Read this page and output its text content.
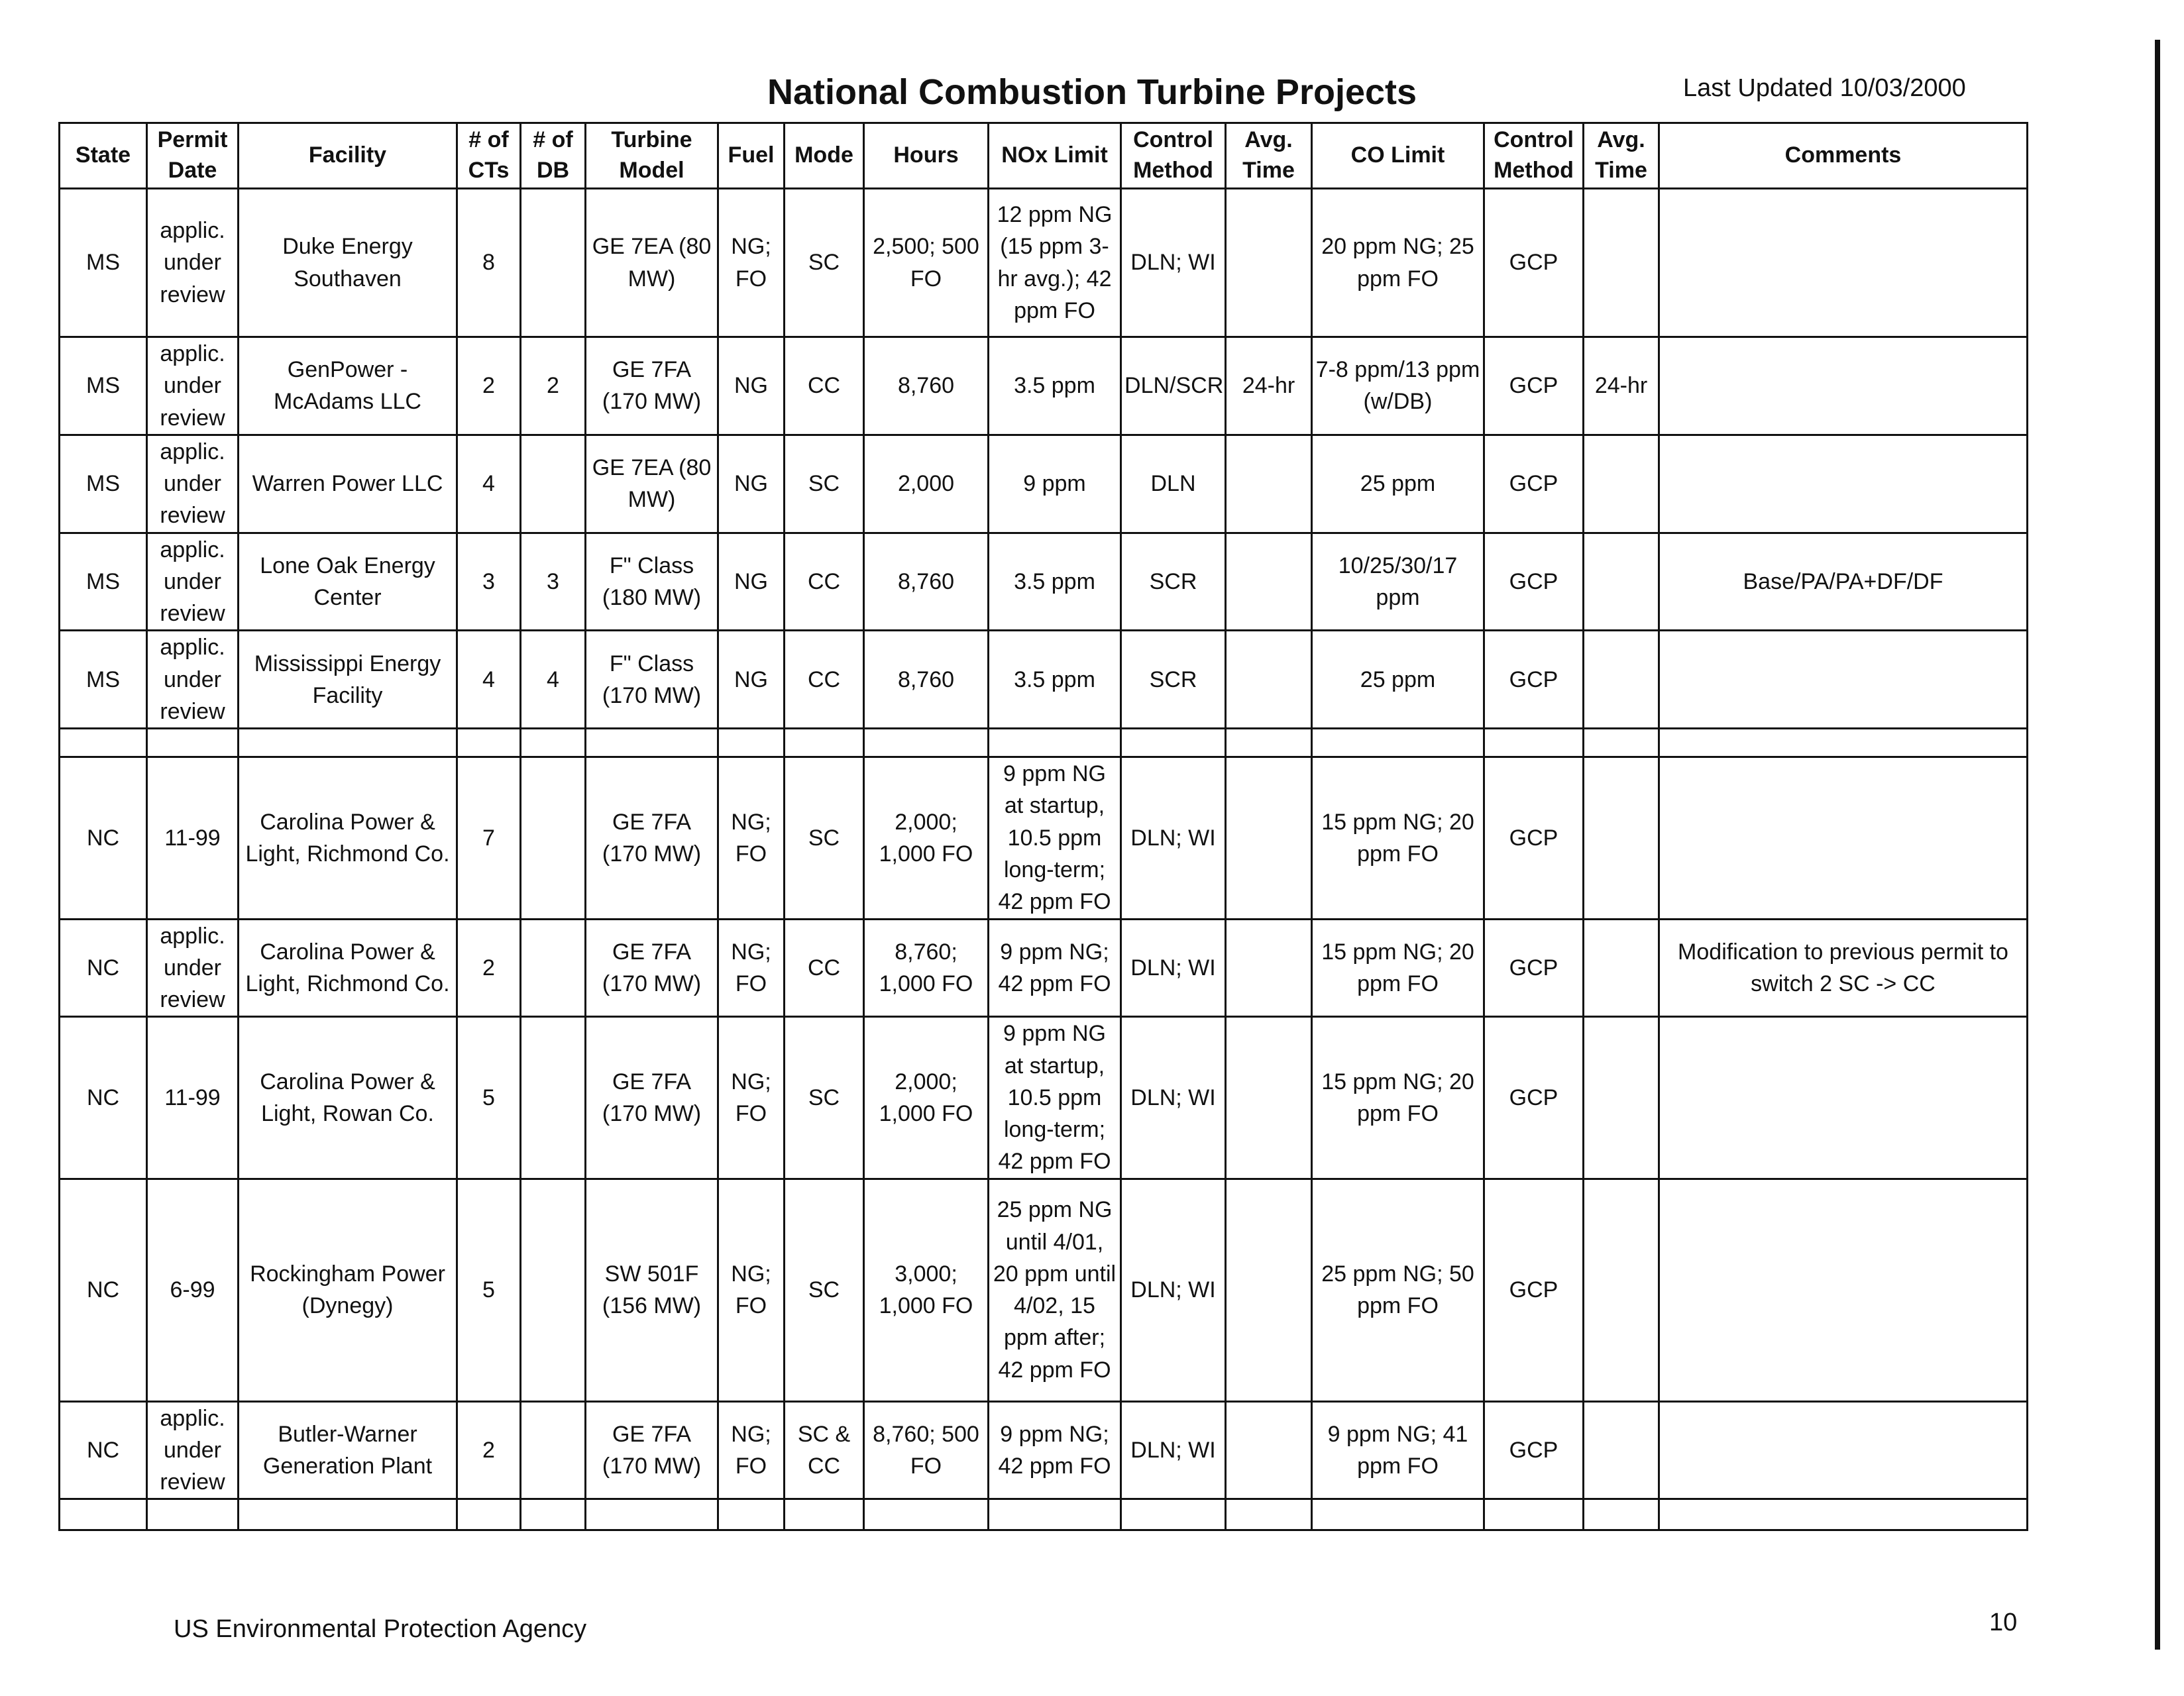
National Combustion Turbine Projects	Last Updated 10/03/2000
State	Permit Date	Facility	# of CTs	# of DB	Turbine Model	Fuel	Mode	Hours	NOx Limit	Control Method	Avg. Time	CO Limit	Control Method	Avg. Time	Comments
MS	applic. under review	Duke Energy Southaven	8		GE 7EA (80 MW)	NG; FO	SC	2,500; 500 FO	12 ppm NG (15 ppm 3-hr avg.); 42 ppm FO	DLN; WI		20 ppm NG; 25 ppm FO	GCP		
MS	applic. under review	GenPower - McAdams LLC	2	2	GE 7FA (170 MW)	NG	CC	8,760	3.5 ppm	DLN/SCR	24-hr	7-8 ppm/13 ppm (w/DB)	GCP	24-hr	
MS	applic. under review	Warren Power LLC	4		GE 7EA (80 MW)	NG	SC	2,000	9 ppm	DLN		25 ppm	GCP		
MS	applic. under review	Lone Oak Energy Center	3	3	F" Class (180 MW)	NG	CC	8,760	3.5 ppm	SCR		10/25/30/17 ppm	GCP		Base/PA/PA+DF/DF
MS	applic. under review	Mississippi Energy Facility	4	4	F" Class (170 MW)	NG	CC	8,760	3.5 ppm	SCR		25 ppm	GCP		

NC	11-99	Carolina Power & Light, Richmond Co.	7		GE 7FA (170 MW)	NG; FO	SC	2,000; 1,000 FO	9 ppm NG at startup, 10.5 ppm long-term; 42 ppm FO	DLN; WI		15 ppm NG; 20 ppm FO	GCP		
NC	applic. under review	Carolina Power & Light, Richmond Co.	2		GE 7FA (170 MW)	NG; FO	CC	8,760; 1,000 FO	9 ppm NG; 42 ppm FO	DLN; WI		15 ppm NG; 20 ppm FO	GCP		Modification to previous permit to switch 2 SC -> CC
NC	11-99	Carolina Power & Light, Rowan Co.	5		GE 7FA (170 MW)	NG; FO	SC	2,000; 1,000 FO	9 ppm NG at startup, 10.5 ppm long-term; 42 ppm FO	DLN; WI		15 ppm NG; 20 ppm FO	GCP		
NC	6-99	Rockingham Power (Dynegy)	5		SW 501F (156 MW)	NG; FO	SC	3,000; 1,000 FO	25 ppm NG until 4/01, 20 ppm until 4/02, 15 ppm after; 42 ppm FO	DLN; WI		25 ppm NG; 50 ppm FO	GCP		
NC	applic. under review	Butler-Warner Generation Plant	2		GE 7FA (170 MW)	NG; FO	SC & CC	8,760; 500 FO	9 ppm NG; 42 ppm FO	DLN; WI		9 ppm NG; 41 ppm FO	GCP		

US Environmental Protection Agency	10
